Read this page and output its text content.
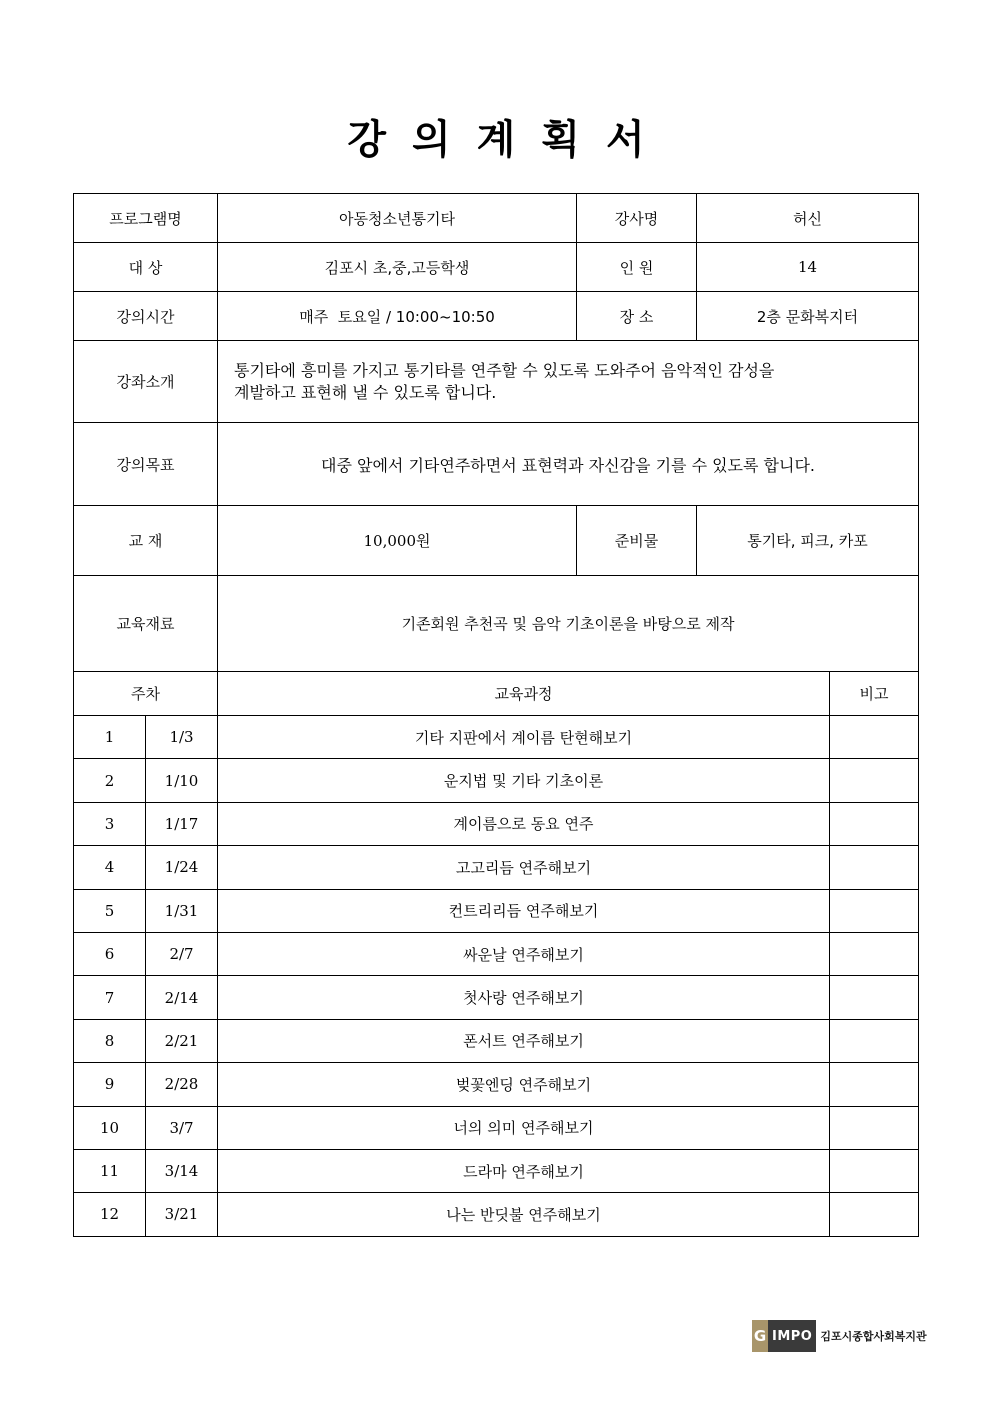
강의계획서
프로그램명		아동청소년통기타	강사명	허신	
대 상		김포시 초,중,고등학생	인 원	14	
강의시간		매주  토요일 / 10:00~10:50	장 소	2층 문화복지터	
강좌소개		통기타에 흥미를 가지고 통기타를 연주할 수 있도록 도와주어 음악적인 감성을
계발하고 표현해 낼 수 있도록 합니다.			

강의목표		대중 앞에서 기타연주하면서 표현력과 자신감을 기를 수 있도록 합니다.			
교 재		10,000원	준비물	통기타, 피크, 카포	
교육재료		기존회원 추천곡 및 음악 기초이론을 바탕으로 제작			
주차		교육과정			비고
1	1/3	기타 지판에서 계이름 탄현해보기			
2	1/10	운지법 및 기타 기초이론			
3	1/17	계이름으로 동요 연주			
4	1/24	고고리듬 연주해보기			
5	1/31	컨트리리듬 연주해보기			
6	2/7	싸운날 연주해보기			
7	2/14	첫사랑 연주해보기			
8	2/21	폰서트 연주해보기			
9	2/28	벚꽃엔딩 연주해보기			
10	3/7	너의 의미 연주해보기			
11	3/14	드라마 연주해보기			
12	3/21	나는 반딧불 연주해보기			
G IMPO 김포시종합사회복지관
